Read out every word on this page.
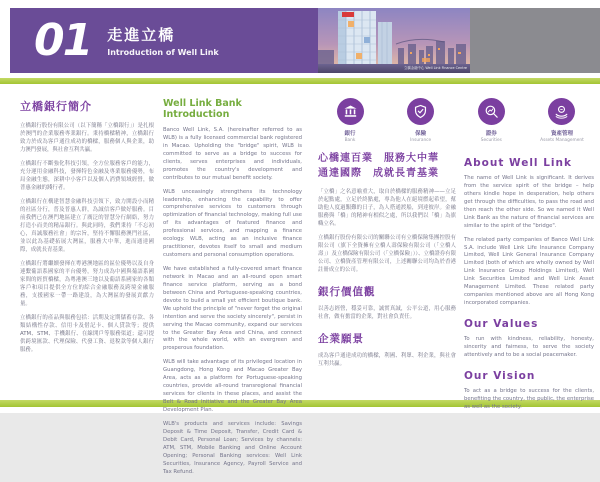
01 走進立橋
Introduction of Well Link
立橋金融中心 Well Link Finance Centre
立橋銀行簡介

立橋銀行股份有限公司（以下簡稱「立橋銀行」）是扎根於澳門的企業服務專業銀行。秉持橋樑精神，立橋銀行致力於成為客戶通往成功的橋樑，服務個人與企業，助力澳門發展，與社會互利共贏。

立橋銀行不斷強化科技引領，全方位服務客戶的能力，充分運用金融科技，發揮特色金融及專業服務優勢，布局金融生態，深耕中小客戶以及個人消費領域經營，做普惠金融的踐行者。

立橋銀行在構建智慧金融科技引領下，致力開設小而精的社區分行，普及普惠人群，為誠信客戶做好服務。目前我們已在澳門地區建立了廣泛的智慧分行網絡，努力打造小而美的精品銀行。與此同時，我們秉持「不忘初心，真誠服務社會」的宗旨，堅持不懈服務澳門社區，並以此為基礎拓展大灣區，服務大中華，進而通達國際，成就長青基業。

立橋銀行將繼續發揮在粵港澳地區的區位優勢以及自身連繫葡語系國家的平台優勢，努力成為中國與葡語系國家間的經貿橋樑，為粵港澳三地以及葡語系國家的各類客戶和項目提供全方位的綜合金融服務及跨境金融服務，支援國家一帶一路建設，為大灣區的發展貢獻力量。

立橋銀行的產品與服務包括：活期及定期儲蓄存款、各類結構性存款、信用卡及借記卡、個人貸款等；提供ATM、STM、手機銀行、在線開戶等服務渠道；還可提供跨境匯款、代理保險、代發工資、退稅款等個人銀行服務。

Well Link Bank Introduction

Banco Well Link, S.A. (hereinafter referred to as WLB) is a fully licensed commercial bank registered in Macao. Upholding the "bridge" spirit, WLB is committed to serve as a bridge to success for clients, serves enterprises and individuals, promotes the country's development and contributes to our mutual benefit society.

WLB unceasingly strengthens its technology leadership, enhancing the capability to offer comprehensive services to customers through optimization of financial technology, making full use of its advantages of featured finance and professional services, and mapping a finance ecology. WLB, acting as an inclusive finance practitioner, devotes itself to small and medium customers and personal consumption operations.

We have established a fully-covered smart finance network in Macao and an all-round open smart finance service platform, serving as a bond between China and Portuguese-speaking countries, devote to build a small yet efficient boutique bank. We uphold the principle of "never forget the original intention and serve the society sincerely", persist in serving the Macao community, expand our services to the Greater Bay Area and China, and connect with the whole world, with an evergreen and prosperous foundation.

WLB will take advantage of its privileged location in Guangdong, Hong Kong and Macao Greater Bay Area, acts as a platform for Portuguese-speaking countries, provide all-round transregional financial services for clients in these places, and assist the Belt & Road Initiative and the Greater Bay Area Development Plan.

WLB's products and services include: Savings Deposit & Time Deposit, Transfer, Credit Card & Debit Card, Personal Loan; Services by channels: ATM, STM, Mobile Banking and Online Account Opening; Personal Banking services: Well Link Securities, Insurance Agency, Payroll Service and Tax Refund.

銀行
Bank
保險
Insurance
證券
Securities
資產管理
Assets Management
心橋連百業　服務大中華
通達國際　成就長青基業

「立橋」之名意喻重大，取自於橋樑的服務精神——立足於起點處，立足於終點處，專為他人在絕境燃起希望，幫助他人度過艱難的日子，為人搭通渡船，到達彼岸。金融服務與「橋」的精神有相似之處，所以我們以「橋」為旗幟立名。

立橋銀行股份有限公司的關聯公司有立橋保險集團控股有限公司（旗下全資擁有立橋人壽保險有限公司（「立橋人壽」）及立橋保險有限公司（「立橋保險」））、立橋證券有限公司、立橋資產管理有限公司，上述關聯公司均為於香港註冊成立的公司。

銀行價值觀

以善志經營，穩妥可靠，誠實真誠，公平公道，用心服務社會，做有擔當的企業，對社會負責任。

企業願景

成為客戶通達成功的橋樑，利國、利眾、利企業，與社會互利共贏。

About Well Link

The name of Well Link is significant. It derives from the service spirit of the bridge – help others kindle hope in desperation, help others get through the difficulties, to pass the road and then reach the other side. So we named it Well Link Bank as the nature of financial services are similar to the spirit of the "bridge".

The related party companies of Banco Well Link S.A. include Well Link Life Insurance Company Limited, Well Link General Insurance Company Limited (both of which are wholly owned by Well Link Insurance Group Holdings Limited), Well Link Securities Limited and Well Link Asset Management Limited. These related party companies mentioned above are all Hong Kong incorporated companies.

Our Values

To run with kindness, reliability, honesty, sincerity and fairness, to serve the society attentively and to be a social peacemaker.

Our Vision

To act as a bridge to success for the clients, benefiting the country, the public, the enterprise as well as the society.
